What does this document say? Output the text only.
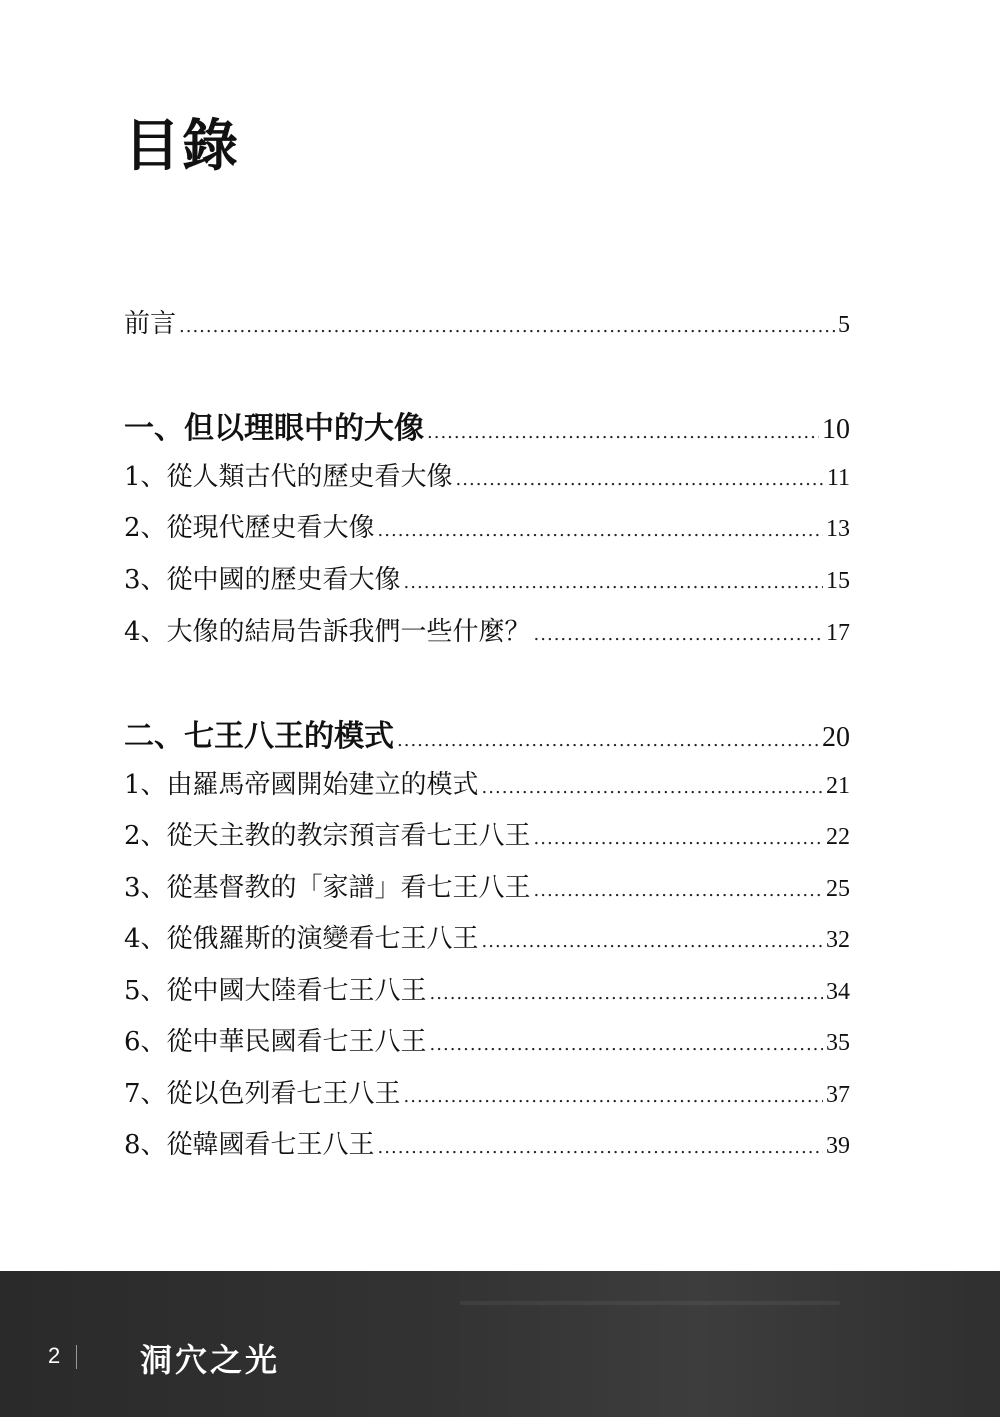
目錄
前言 .....	5
一、但以理眼中的大像 .....	10
1、從人類古代的歷史看大像 .....	11
2、從現代歷史看大像 .....	13
3、從中國的歷史看大像 .....	15
4、大像的結局告訴我們一些什麼？ .....	17
二、七王八王的模式 .....	20
1、由羅馬帝國開始建立的模式 .....	21
2、從天主教的教宗預言看七王八王 .....	22
3、從基督教的「家譜」看七王八王 .....	25
4、從俄羅斯的演變看七王八王 .....	32
5、從中國大陸看七王八王 .....	34
6、從中華民國看七王八王 .....	35
7、從以色列看七王八王 .....	37
8、從韓國看七王八王 .....	39
2 洞穴之光
